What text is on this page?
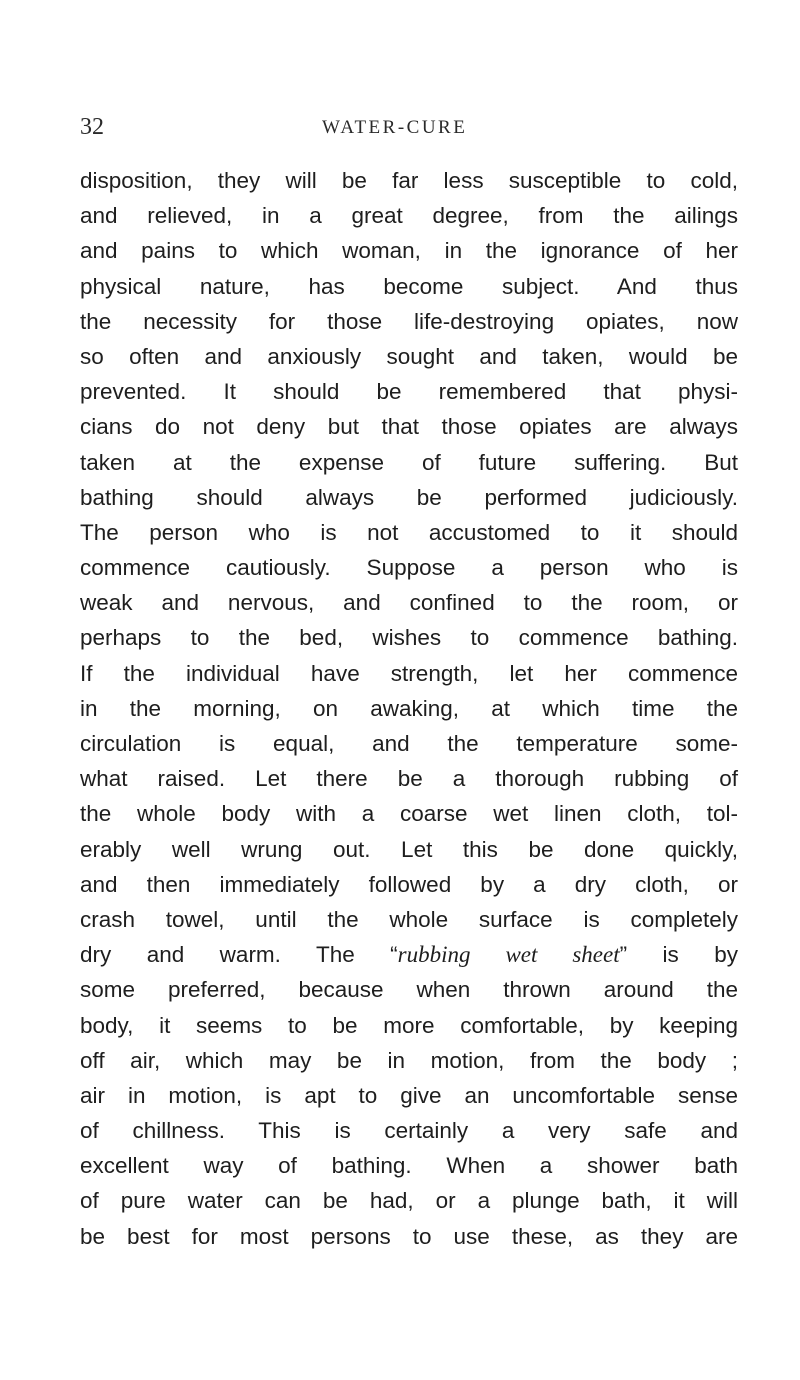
32	WATER-CURE
disposition, they will be far less susceptible to cold,
and relieved, in a great degree, from the ailings
and pains to which woman, in the ignorance of her
physical nature, has become subject. And thus
the necessity for those life-destroying opiates, now
so often and anxiously sought and taken, would be
prevented. It should be remembered that physi-
cians do not deny but that those opiates are always
taken at the expense of future suffering. But
bathing should always be performed judiciously.
The person who is not accustomed to it should
commence cautiously. Suppose a person who is
weak and nervous, and confined to the room, or
perhaps to the bed, wishes to commence bathing.
If the individual have strength, let her commence
in the morning, on awaking, at which time the
circulation is equal, and the temperature some-
what raised. Let there be a thorough rubbing of
the whole body with a coarse wet linen cloth, tol-
erably well wrung out. Let this be done quickly,
and then immediately followed by a dry cloth, or
crash towel, until the whole surface is completely
dry and warm. The “rubbing wet sheet” is by
some preferred, because when thrown around the
body, it seems to be more comfortable, by keeping
off air, which may be in motion, from the body ;
air in motion, is apt to give an uncomfortable sense
of chillness. This is certainly a very safe and
excellent way of bathing. When a shower bath
of pure water can be had, or a plunge bath, it will
be best for most persons to use these, as they are
